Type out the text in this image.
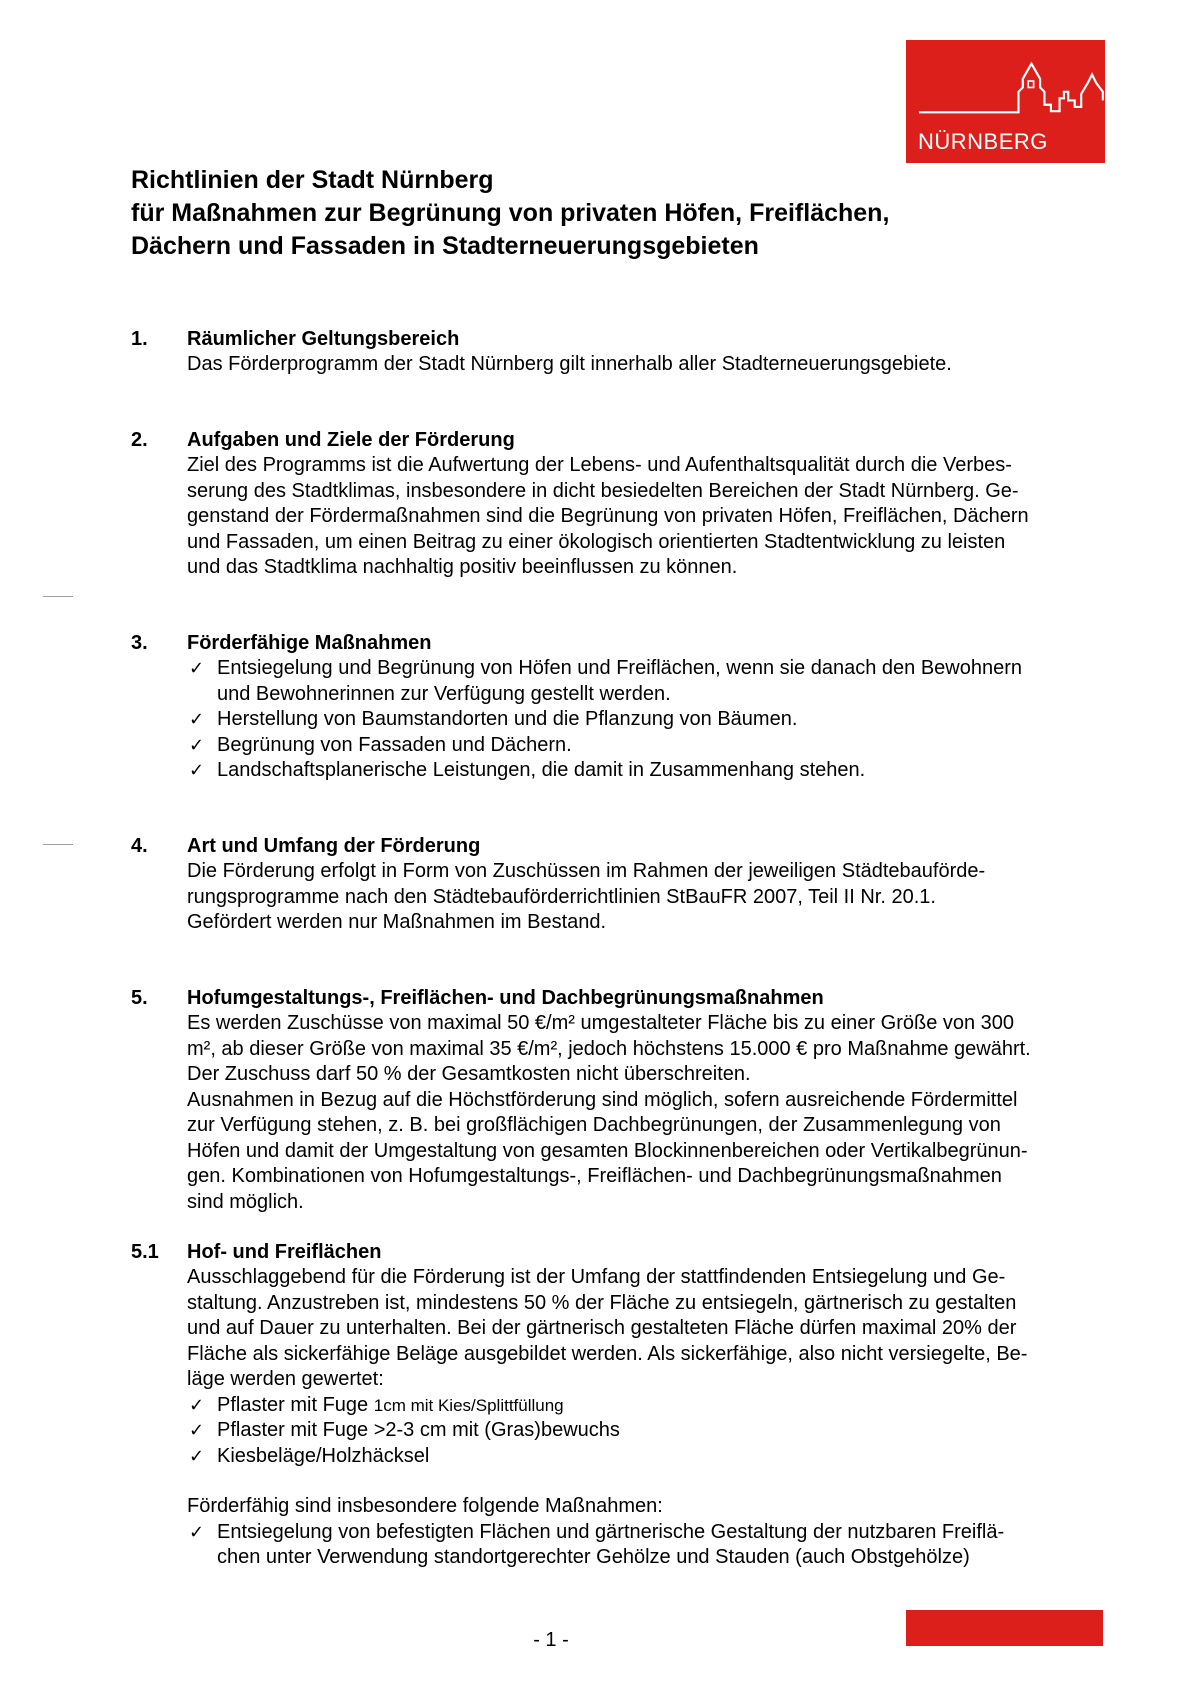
NÜRNBERG
Richtlinien der Stadt Nürnberg
für Maßnahmen zur Begrünung von privaten Höfen, Freiflächen,
Dächern und Fassaden in Stadterneuerungsgebieten
1. Räumlicher Geltungsbereich
Das Förderprogramm der Stadt Nürnberg gilt innerhalb aller Stadterneuerungsgebiete.
2. Aufgaben und Ziele der Förderung
Ziel des Programms ist die Aufwertung der Lebens- und Aufenthaltsqualität durch die Verbes-
serung des Stadtklimas, insbesondere in dicht besiedelten Bereichen der Stadt Nürnberg. Ge-
genstand der Fördermaßnahmen sind die Begrünung von privaten Höfen, Freiflächen, Dächern
und Fassaden, um einen Beitrag zu einer ökologisch orientierten Stadtentwicklung zu leisten
und das Stadtklima nachhaltig positiv beeinflussen zu können.
3. Förderfähige Maßnahmen
✓ Entsiegelung und Begrünung von Höfen und Freiflächen, wenn sie danach den Bewohnern
und Bewohnerinnen zur Verfügung gestellt werden.
✓ Herstellung von Baumstandorten und die Pflanzung von Bäumen.
✓ Begrünung von Fassaden und Dächern.
✓ Landschaftsplanerische Leistungen, die damit in Zusammenhang stehen.
4. Art und Umfang der Förderung
Die Förderung erfolgt in Form von Zuschüssen im Rahmen der jeweiligen Städtebauförde-
rungsprogramme nach den Städtebauförderrichtlinien StBauFR 2007, Teil II Nr. 20.1.
Gefördert werden nur Maßnahmen im Bestand.
5. Hofumgestaltungs-, Freiflächen- und Dachbegrünungsmaßnahmen
Es werden Zuschüsse von maximal 50 €/m² umgestalteter Fläche bis zu einer Größe von 300
m², ab dieser Größe von maximal 35 €/m², jedoch höchstens 15.000 € pro Maßnahme gewährt.
Der Zuschuss darf 50 % der Gesamtkosten nicht überschreiten.
Ausnahmen in Bezug auf die Höchstförderung sind möglich, sofern ausreichende Fördermittel
zur Verfügung stehen, z. B. bei großflächigen Dachbegrünungen, der Zusammenlegung von
Höfen und damit der Umgestaltung von gesamten Blockinnenbereichen oder Vertikalbegrünun-
gen. Kombinationen von Hofumgestaltungs-, Freiflächen- und Dachbegrünungsmaßnahmen
sind möglich.
5.1 Hof- und Freiflächen
Ausschlaggebend für die Förderung ist der Umfang der stattfindenden Entsiegelung und Ge-
staltung. Anzustreben ist, mindestens 50 % der Fläche zu entsiegeln, gärtnerisch zu gestalten
und auf Dauer zu unterhalten. Bei der gärtnerisch gestalteten Fläche dürfen maximal 20% der
Fläche als sickerfähige Beläge ausgebildet werden. Als sickerfähige, also nicht versiegelte, Be-
läge werden gewertet:
✓ Pflaster mit Fuge 1cm mit Kies/Splittfüllung
✓ Pflaster mit Fuge >2-3 cm mit (Gras)bewuchs
✓ Kiesbeläge/Holzhäcksel
Förderfähig sind insbesondere folgende Maßnahmen:
✓ Entsiegelung von befestigten Flächen und gärtnerische Gestaltung der nutzbaren Freiflä-
chen unter Verwendung standortgerechter Gehölze und Stauden (auch Obstgehölze)
- 1 -
